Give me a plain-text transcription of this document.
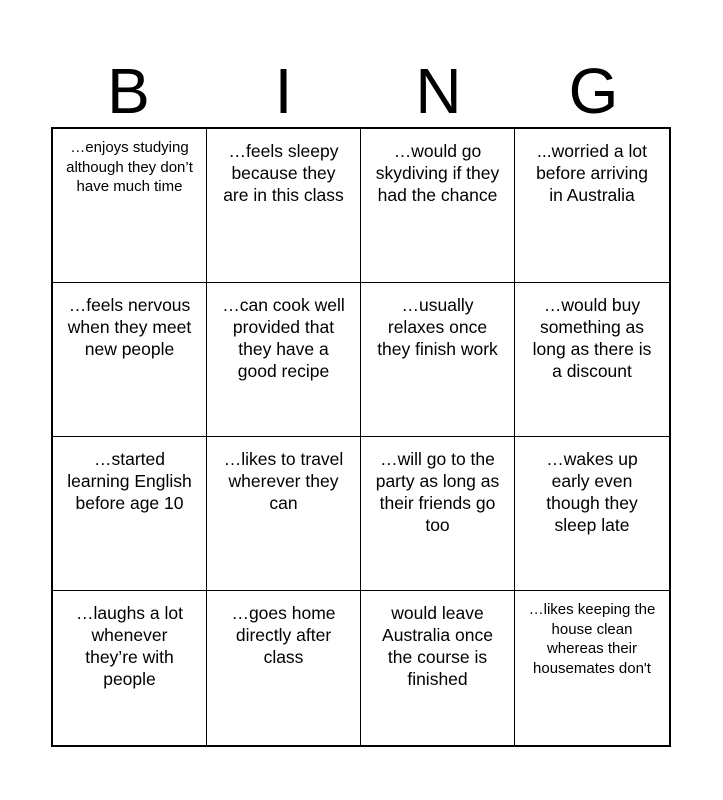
B	I	N	G
…enjoys studying although they don’t have much time
…feels sleepy because they are in this class
…would go skydiving if they had the chance
...worried a lot before arriving in Australia
…feels nervous when they meet new people
…can cook well provided that they have a good recipe
…usually relaxes once they finish work
…would buy something as long as there is a discount
…started learning English before age 10
…likes to travel wherever they can
…will go to the party as long as their friends go too
…wakes up early even though they sleep late
…laughs a lot whenever they’re with people
…goes home directly after class
would leave Australia once the course is finished
…likes keeping the house clean whereas their housemates don't
